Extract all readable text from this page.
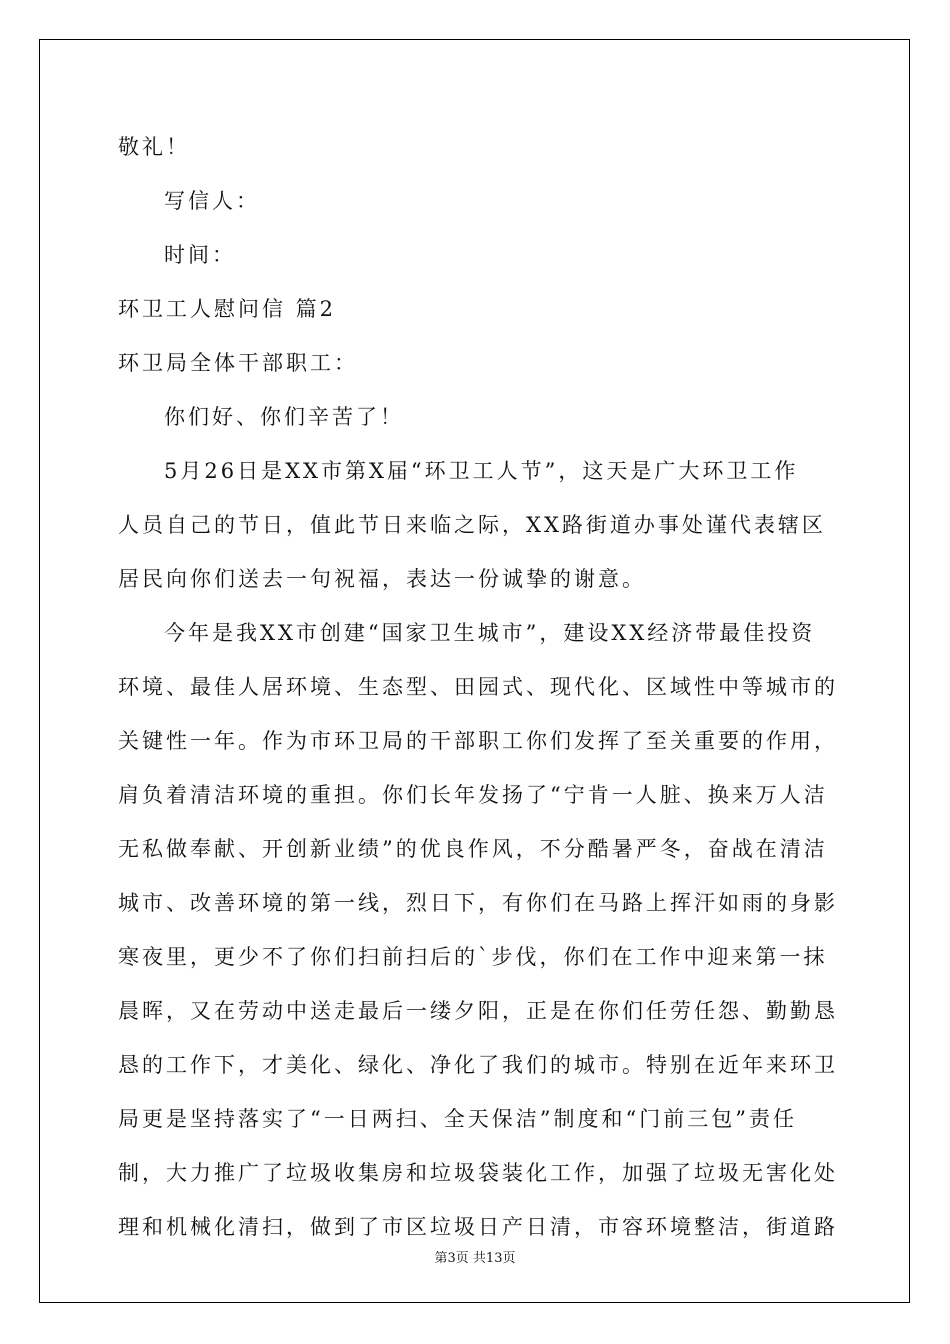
敬礼！
写信人：
时间：
环卫工人慰问信 篇2
环卫局全体干部职工：
你们好、你们辛苦了！
5月26日是XX市第X届“环卫工人节”，这天是广大环卫工作
人员自己的节日，值此节日来临之际，XX路街道办事处谨代表辖区
居民向你们送去一句祝福，表达一份诚挚的谢意。
今年是我XX市创建“国家卫生城市”，建设XX经济带最佳投资
环境、最佳人居环境、生态型、田园式、现代化、区域性中等城市的
关键性一年。作为市环卫局的干部职工你们发挥了至关重要的作用，
肩负着清洁环境的重担。你们长年发扬了“宁肯一人脏、换来万人洁
无私做奉献、开创新业绩”的优良作风，不分酷暑严冬，奋战在清洁
城市、改善环境的第一线，烈日下，有你们在马路上挥汗如雨的身影
寒夜里，更少不了你们扫前扫后的`步伐，你们在工作中迎来第一抹
晨晖，又在劳动中送走最后一缕夕阳，正是在你们任劳任怨、勤勤恳
恳的工作下，才美化、绿化、净化了我们的城市。特别在近年来环卫
局更是坚持落实了“一日两扫、全天保洁”制度和“门前三包”责任
制，大力推广了垃圾收集房和垃圾袋装化工作，加强了垃圾无害化处
理和机械化清扫，做到了市区垃圾日产日清，市容环境整洁，街道路
第3页 共13页
